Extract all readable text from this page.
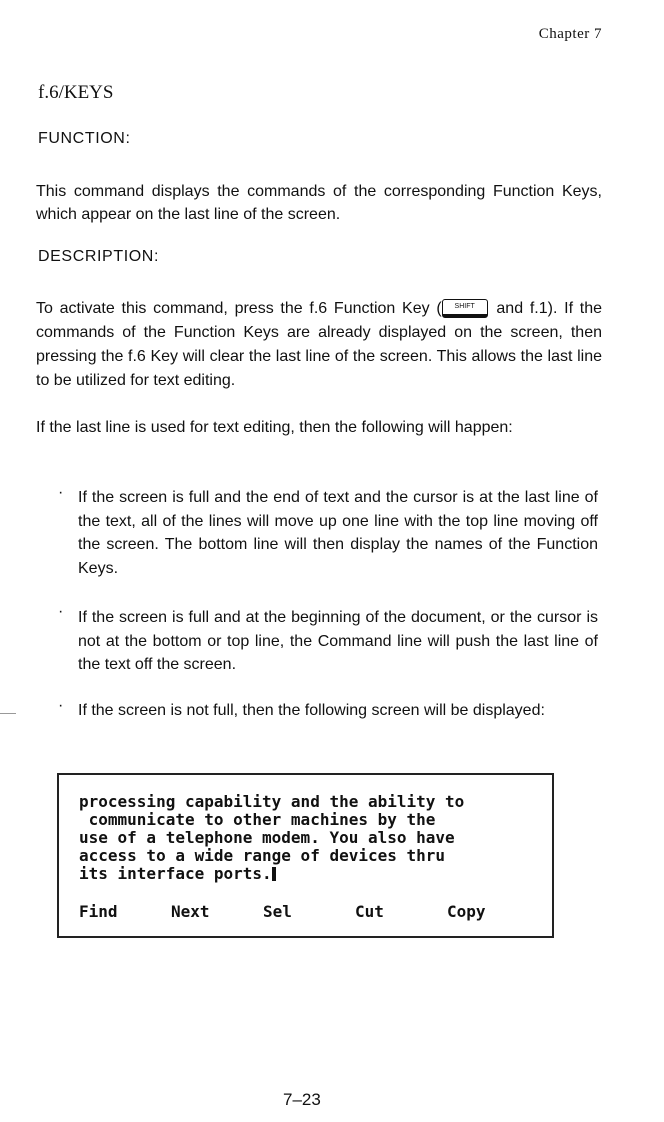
Chapter 7
f.6/KEYS
FUNCTION:
This command displays the commands of the corresponding Function Keys, which appear on the last line of the screen.
DESCRIPTION:
To activate this command, press the f.6 Function Key ( SHIFT and f.1). If the commands of the Function Keys are already displayed on the screen, then pressing the f.6 Key will clear the last line of the screen. This allows the last line to be utilized for text editing.
If the last line is used for text editing, then the following will happen:
· If the screen is full and the end of text and the cursor is at the last line of the text, all of the lines will move up one line with the top line moving off the screen. The bottom line will then display the names of the Function Keys.
· If the screen is full and at the beginning of the document, or the cursor is not at the bottom or top line, the Command line will push the last line of the text off the screen.
· If the screen is not full, then the following screen will be displayed:
processing capability and the ability to
communicate to other machines by the
use of a telephone modem. You also have
access to a wide range of devices thru
its interface ports.
Find	Next	Sel	Cut	Copy
7–23
